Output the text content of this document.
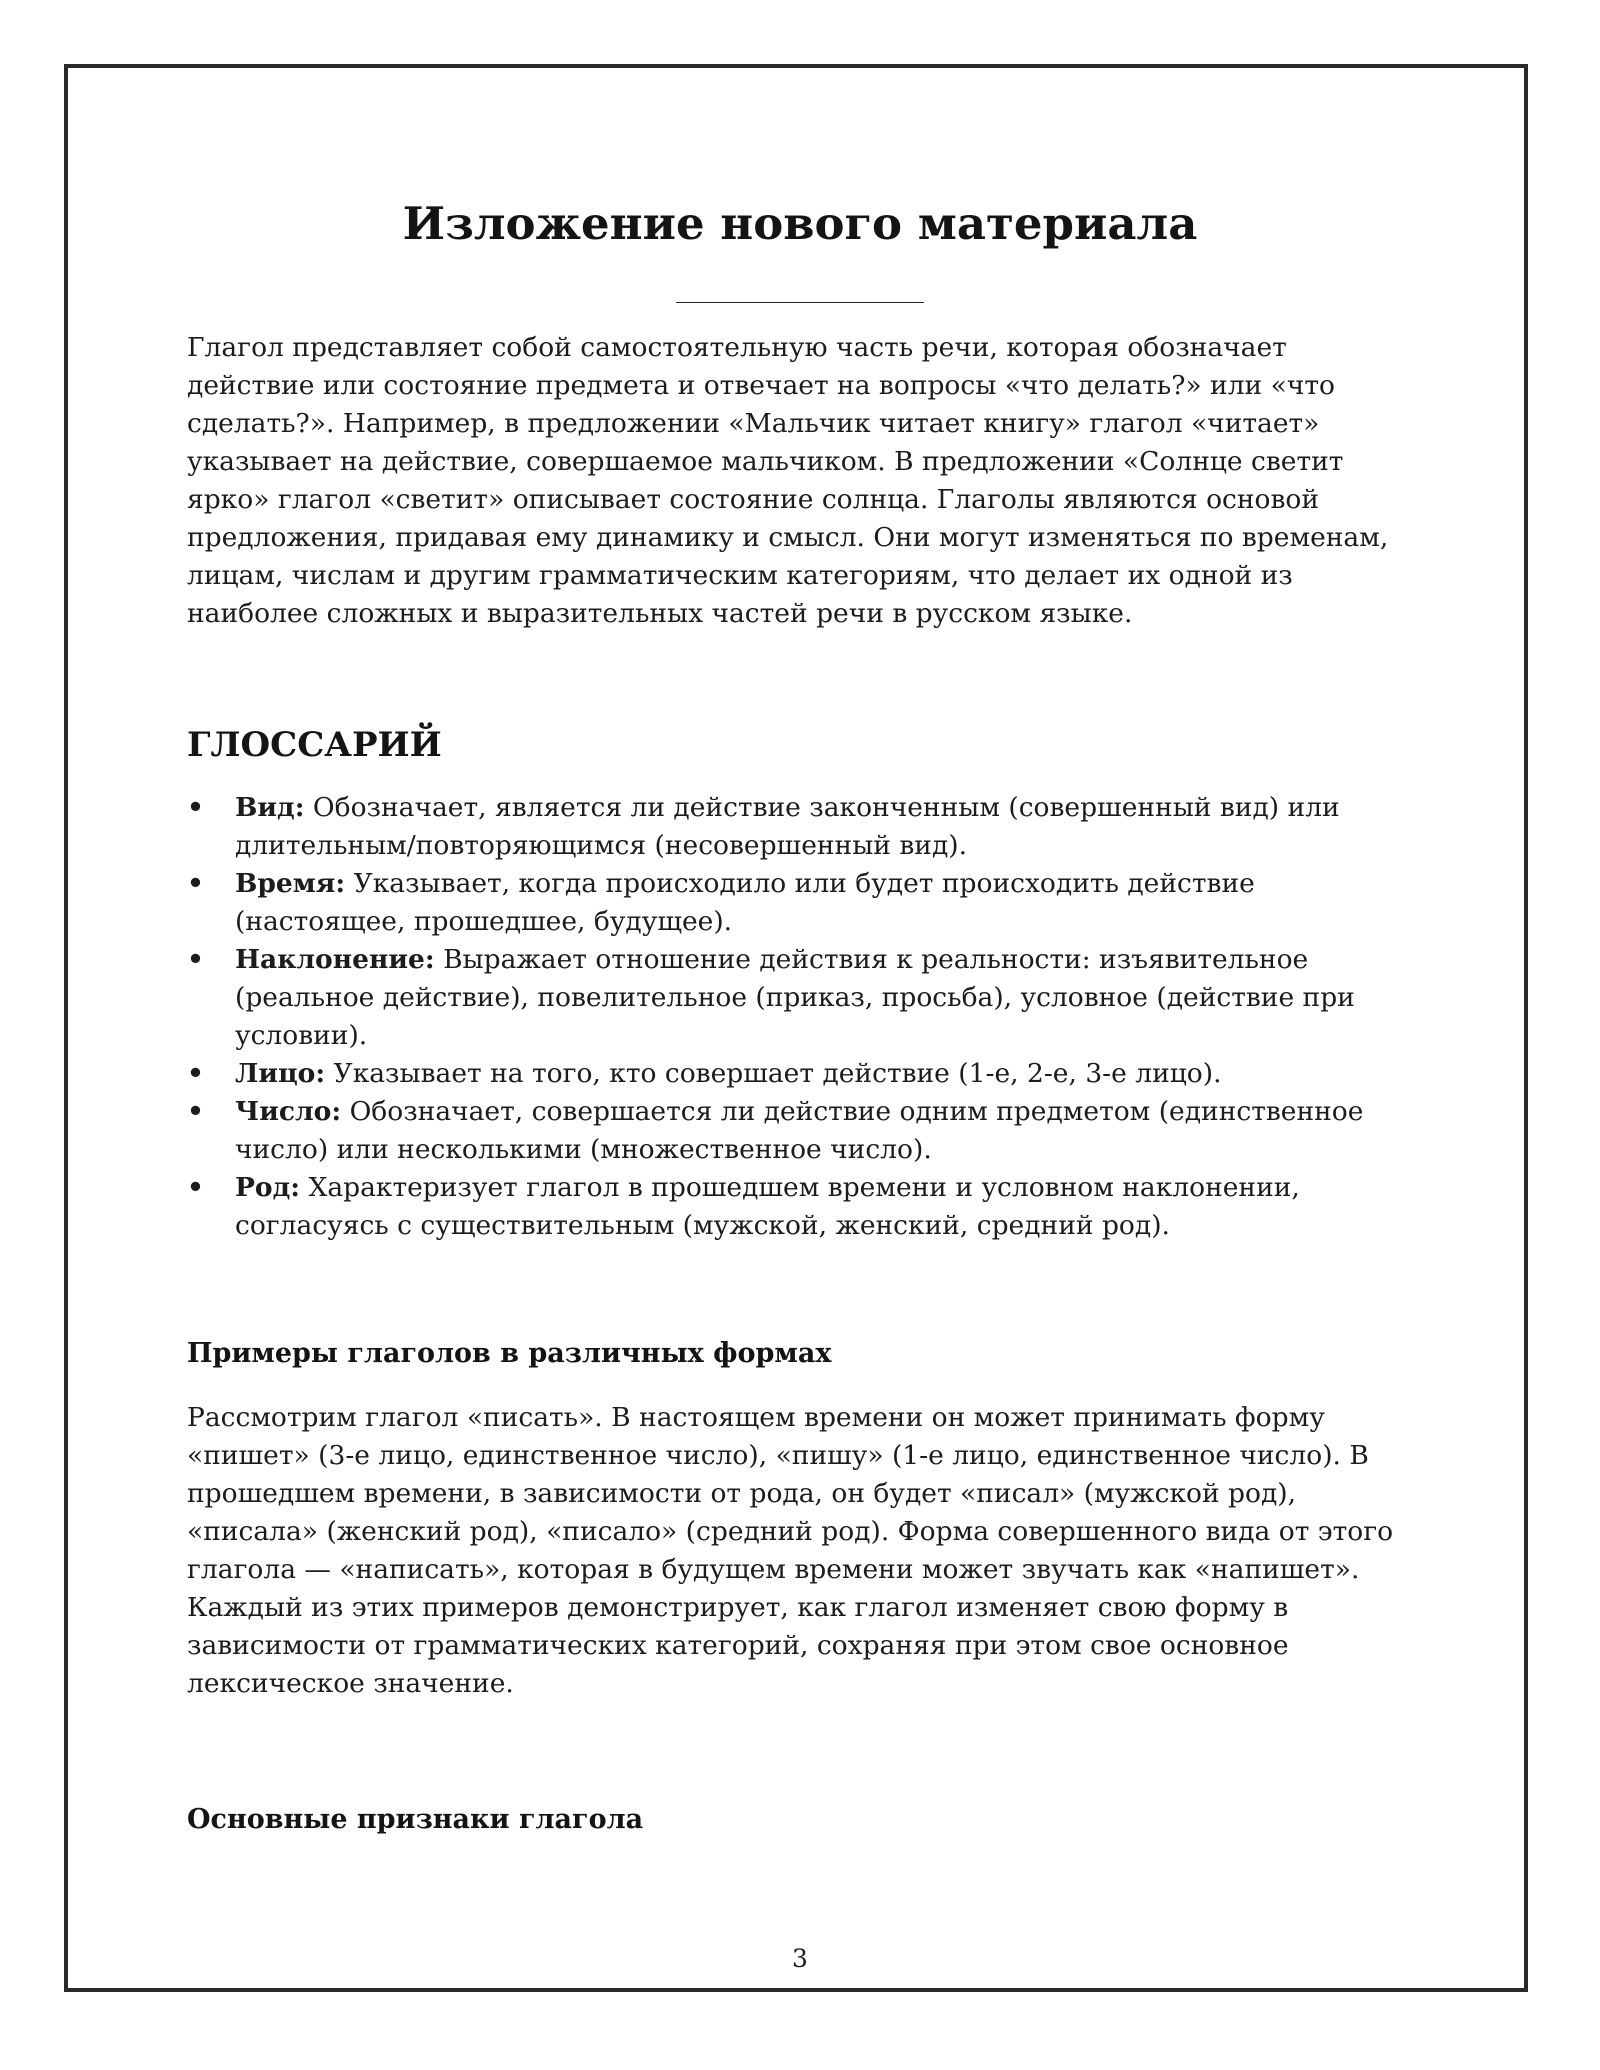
Изложение нового материала

Глагол представляет собой самостоятельную часть речи, которая обозначает действие или состояние предмета и отвечает на вопросы «что делать?» или «что сделать?». Например, в предложении «Мальчик читает книгу» глагол «читает» указывает на действие, совершаемое мальчиком. В предложении «Солнце светит ярко» глагол «светит» описывает состояние солнца. Глаголы являются основой предложения, придавая ему динамику и смысл. Они могут изменяться по временам, лицам, числам и другим грамматическим категориям, что делает их одной из наиболее сложных и выразительных частей речи в русском языке.

ГЛОССАРИЙ
• Вид: Обозначает, является ли действие законченным (совершенный вид) или длительным/повторяющимся (несовершенный вид).
• Время: Указывает, когда происходило или будет происходить действие (настоящее, прошедшее, будущее).
• Наклонение: Выражает отношение действия к реальности: изъявительное (реальное действие), повелительное (приказ, просьба), условное (действие при условии).
• Лицо: Указывает на того, кто совершает действие (1-е, 2-е, 3-е лицо).
• Число: Обозначает, совершается ли действие одним предметом (единственное число) или несколькими (множественное число).
• Род: Характеризует глагол в прошедшем времени и условном наклонении, согласуясь с существительным (мужской, женский, средний род).
Примеры глаголов в различных формах

Рассмотрим глагол «писать». В настоящем времени он может принимать форму «пишет» (3-е лицо, единственное число), «пишу» (1-е лицо, единственное число). В прошедшем времени, в зависимости от рода, он будет «писал» (мужской род), «писала» (женский род), «писало» (средний род). Форма совершенного вида от этого глагола — «написать», которая в будущем времени может звучать как «напишет». Каждый из этих примеров демонстрирует, как глагол изменяет свою форму в зависимости от грамматических категорий, сохраняя при этом свое основное лексическое значение.

Основные признаки глагола
3
